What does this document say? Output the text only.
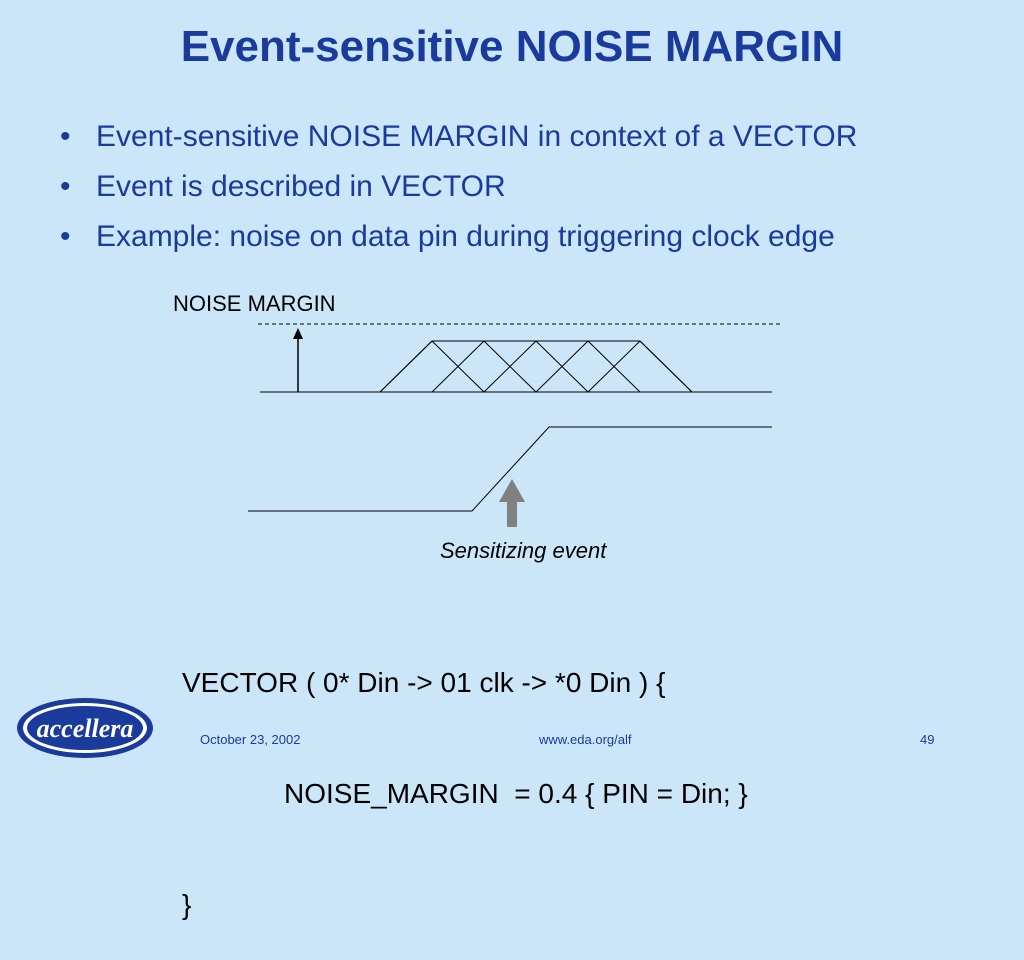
Event-sensitive NOISE MARGIN
• Event-sensitive NOISE MARGIN in context of a VECTOR
• Event is described in VECTOR
• Example: noise on data pin during triggering clock edge
NOISE MARGIN
Sensitizing event

VECTOR ( 0* Din -> 01 clk -> *0 Din ) {

NOISE_MARGIN  = 0.4 { PIN = Din; }

}

accellera	October 23, 2002	www.eda.org/alf	49
